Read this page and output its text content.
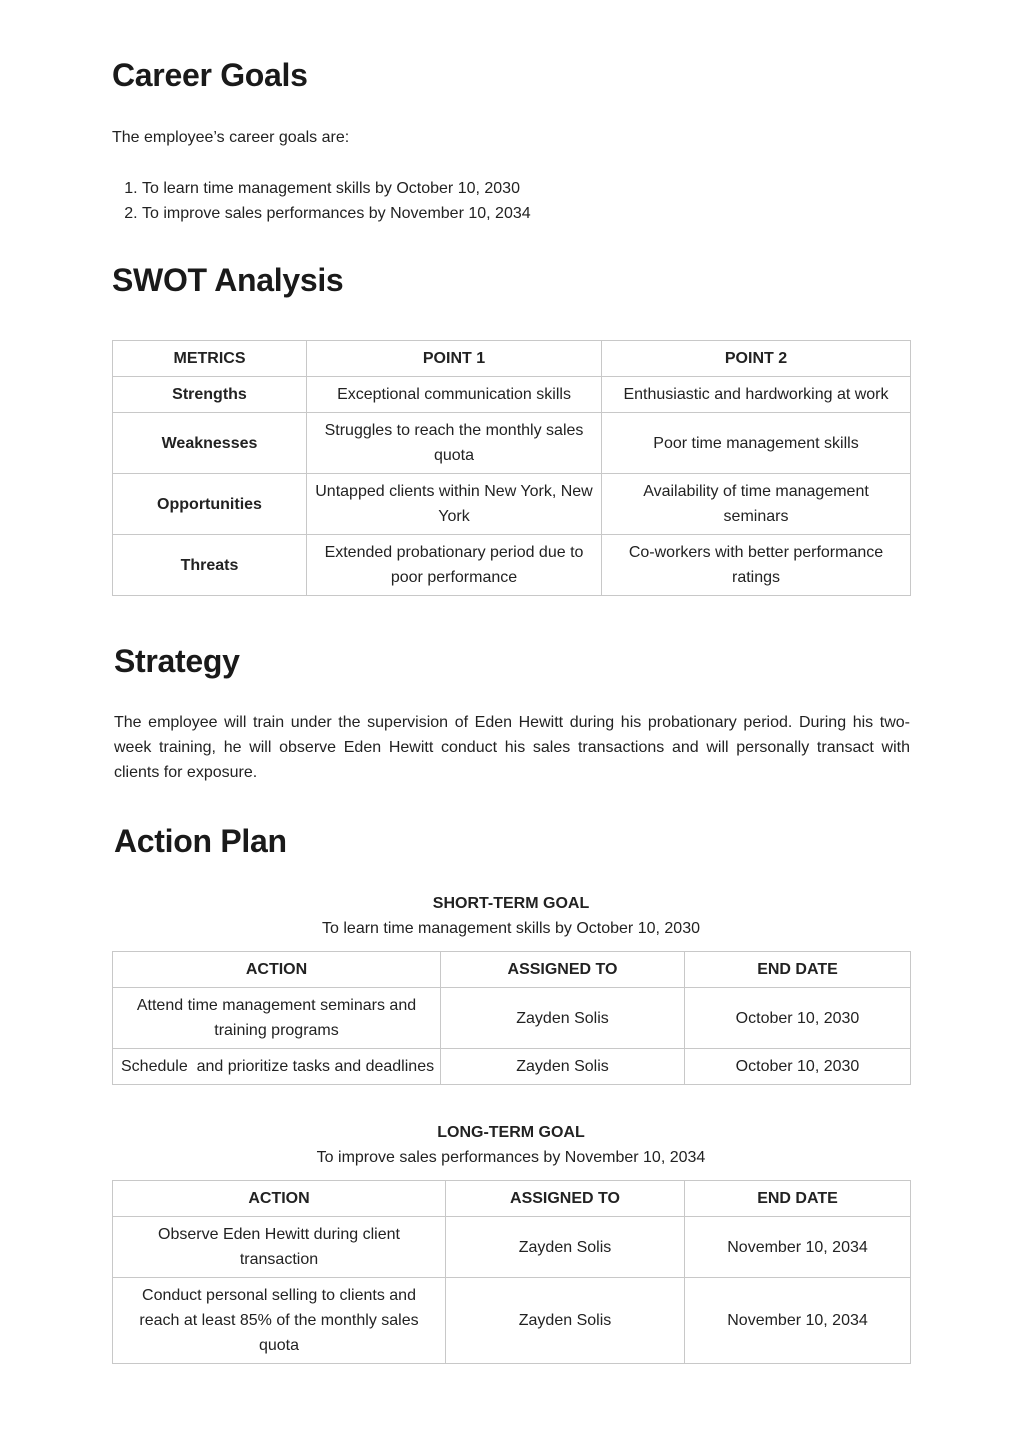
Career Goals

The employee’s career goals are:

1. To learn time management skills by October 10, 2030
2. To improve sales performances by November 10, 2034
SWOT Analysis
METRICS	POINT 1	POINT 2
Strengths	Exceptional communication skills	Enthusiastic and hardworking at work
Weaknesses	Struggles to reach the monthly sales quota	Poor time management skills
Opportunities	Untapped clients within New York, New York	Availability of time management seminars
Threats	Extended probationary period due to poor performance	Co-workers with better performance ratings
Strategy

The employee will train under the supervision of Eden Hewitt during his probationary period. During his two-week training, he will observe Eden Hewitt conduct his sales transactions and will personally transact with clients for exposure.

Action Plan
SHORT-TERM GOAL
To learn time management skills by October 10, 2030
ACTION	ASSIGNED TO	END DATE
Attend time management seminars and training programs	Zayden Solis	October 10, 2030
Schedule  and prioritize tasks and deadlines	Zayden Solis	October 10, 2030
LONG-TERM GOAL
To improve sales performances by November 10, 2034
ACTION	ASSIGNED TO	END DATE
Observe Eden Hewitt during client transaction	Zayden Solis	November 10, 2034
Conduct personal selling to clients and reach at least 85% of the monthly sales quota	Zayden Solis	November 10, 2034
